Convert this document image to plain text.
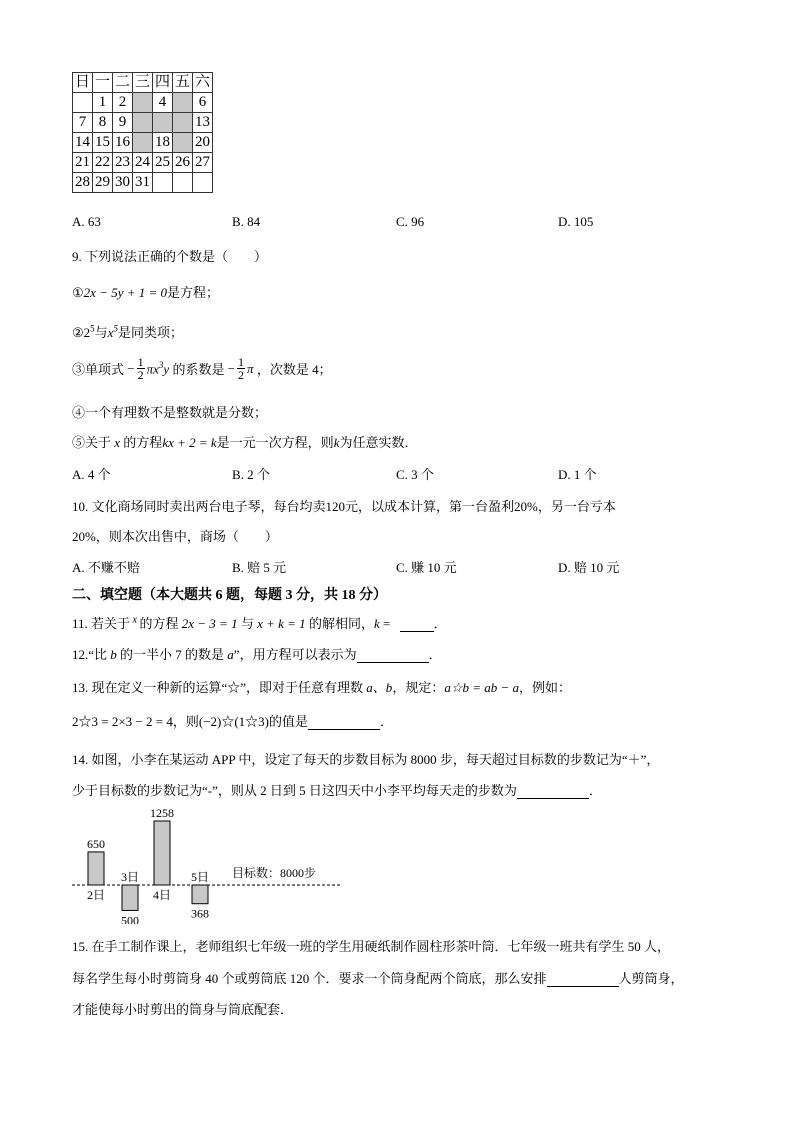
日	一	二	三	四	五	六
	1	2		4		6
7	8	9				13
14	15	16		18		20
21	22	23	24	25	26	27
28	29	30	31			
A. 63	B. 84	C. 96	D. 105
9. 下列说法正确的个数是（　　）
①2x − 5y + 1 = 0是方程；
$②2^5$与$x^5$是同类项；
③单项式 − 1
2 $\pi x^3y$ 的系数是 − 1
2 π ，次数是 4；
④一个有理数不是整数就是分数；
⑤关于 x 的方程kx + 2 = k是一元一次方程，则k为任意实数．
A. 4 个	B. 2 个	C. 3 个	D. 1 个
10. 文化商场同时卖出两台电子琴，每台均卖120元，以成本计算，第一台盈利20%，另一台亏本
20%，则本次出售中，商场（　　）
A. 不赚不赔	B. 赔 5 元	C. 赚 10 元	D. 赔 10 元
二、填空题（本大题共 6 题，每题 3 分，共 18 分）
11. 若关于 $^x$ 的方程 2x − 3 = 1 与 x + k = 1 的解相同，k =	．
12.“比 b 的一半小 7 的数是 a”，用方程可以表示为	．
13. 现在定义一种新的运算“☆”，即对于任意有理数 a、b，规定：a☆b = ab − a，例如：
2☆3 = 2×3 − 2 = 4，则(−2)☆(1☆3)的值是	．
14. 如图，小李在某运动 APP 中，设定了每天的步数目标为 8000 步，每天超过目标数的步数记为“＋”，
少于目标数的步数记为“-”，则从 2 日到 5 日这四天中小李平均每天走的步数为	．
650
2日
500
3日
1258
4日
368
5日 目标数：8000步
15. 在手工制作课上，老师组织七年级一班的学生用硬纸制作圆柱形茶叶筒．七年级一班共有学生 50 人，
每名学生每小时剪筒身 40 个或剪筒底 120 个．要求一个筒身配两个筒底，那么安排	人剪筒身，
才能使每小时剪出的筒身与筒底配套．
